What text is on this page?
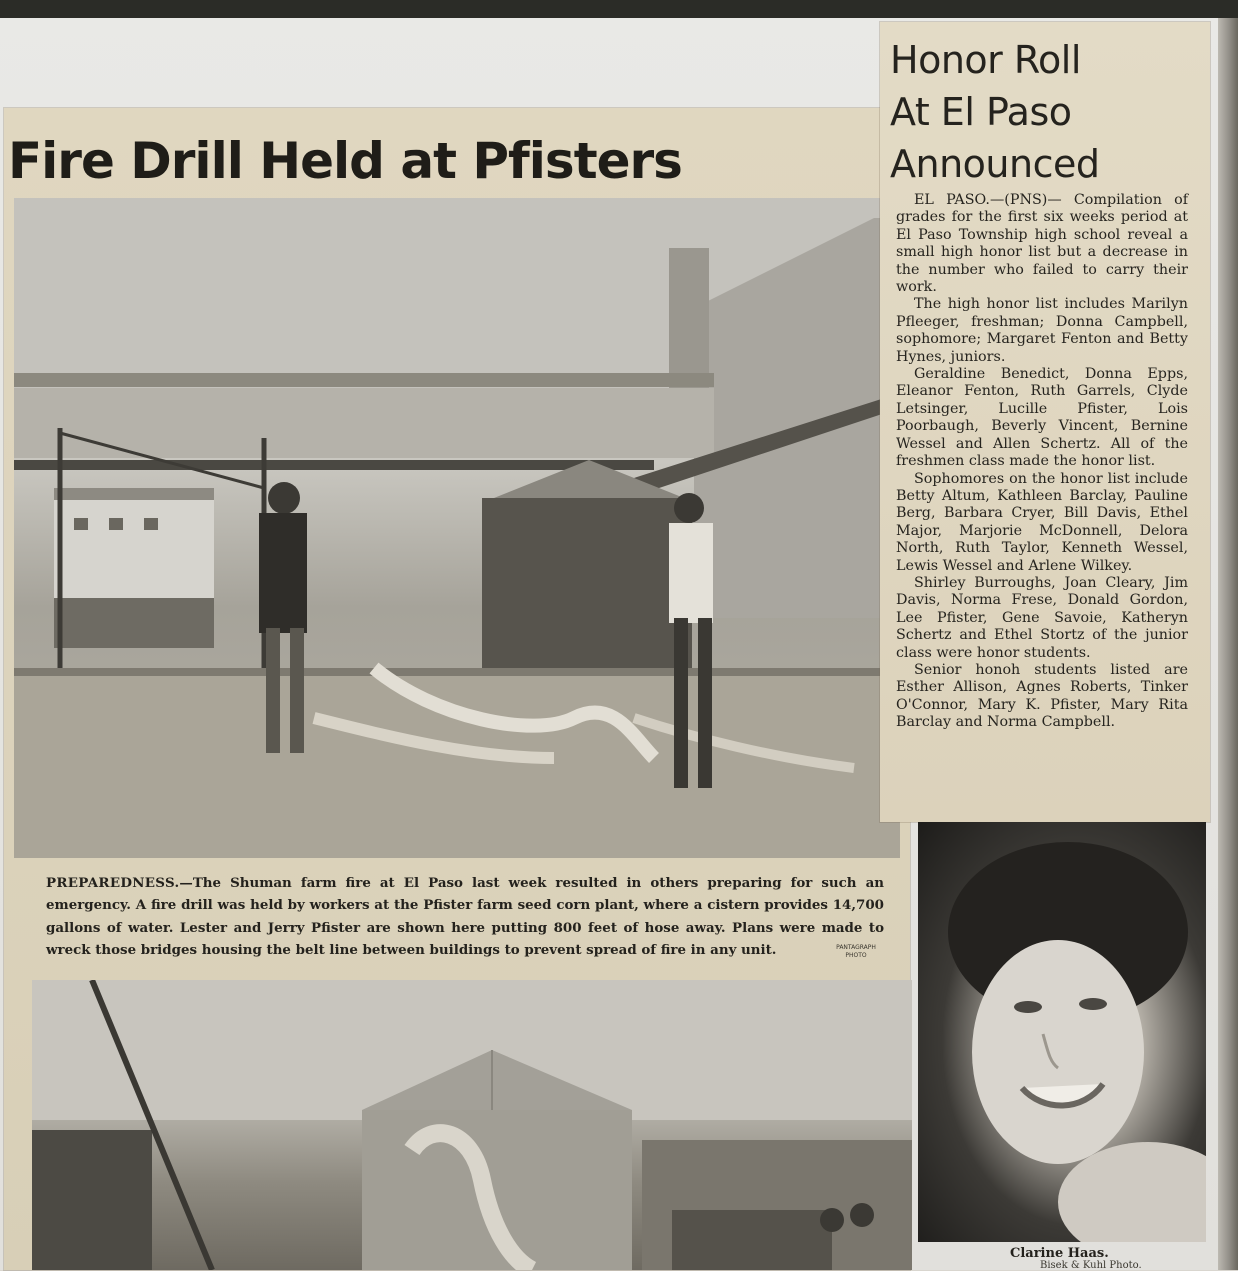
Fire Drill Held at Pfisters
PREPAREDNESS.—The Shuman farm fire at El Paso last week resulted in others preparing for such an emergency. A fire drill was held by workers at the Pfister farm seed corn plant, where a cistern provides 14,700 gallons of water. Lester and Jerry Pfister are shown here putting 800 feet of hose away. Plans were made to wreck those bridges housing the belt line between buildings to prevent spread of fire in any unit.	PANTAGRAPH
PHOTO
Honor Roll
At El Paso
Announced

EL PASO.—(PNS)— Compilation of grades for the first six weeks period at El Paso Township high school reveal a small high honor list but a decrease in the number who failed to carry their work.

The high honor list includes Marilyn Pfleeger, freshman; Donna Campbell, sophomore; Margaret Fenton and Betty Hynes, juniors.

Geraldine Benedict, Donna Epps, Eleanor Fenton, Ruth Garrels, Clyde Letsinger, Lucille Pfister, Lois Poorbaugh, Beverly Vincent, Bernine Wessel and Allen Schertz. All of the freshmen class made the honor list.

Sophomores on the honor list include Betty Altum, Kathleen Barclay, Pauline Berg, Barbara Cryer, Bill Davis, Ethel Major, Marjorie McDonnell, Delora North, Ruth Taylor, Kenneth Wessel, Lewis Wessel and Arlene Wilkey.

Shirley Burroughs, Joan Cleary, Jim Davis, Norma Frese, Donald Gordon, Lee Pfister, Gene Savoie, Katheryn Schertz and Ethel Stortz of the junior class were honor students.

Senior honoh students listed are Esther Allison, Agnes Roberts, Tinker O'Connor, Mary K. Pfister, Mary Rita Barclay and Norma Campbell.

Clarine Haas.
Bisek & Kuhl Photo.
